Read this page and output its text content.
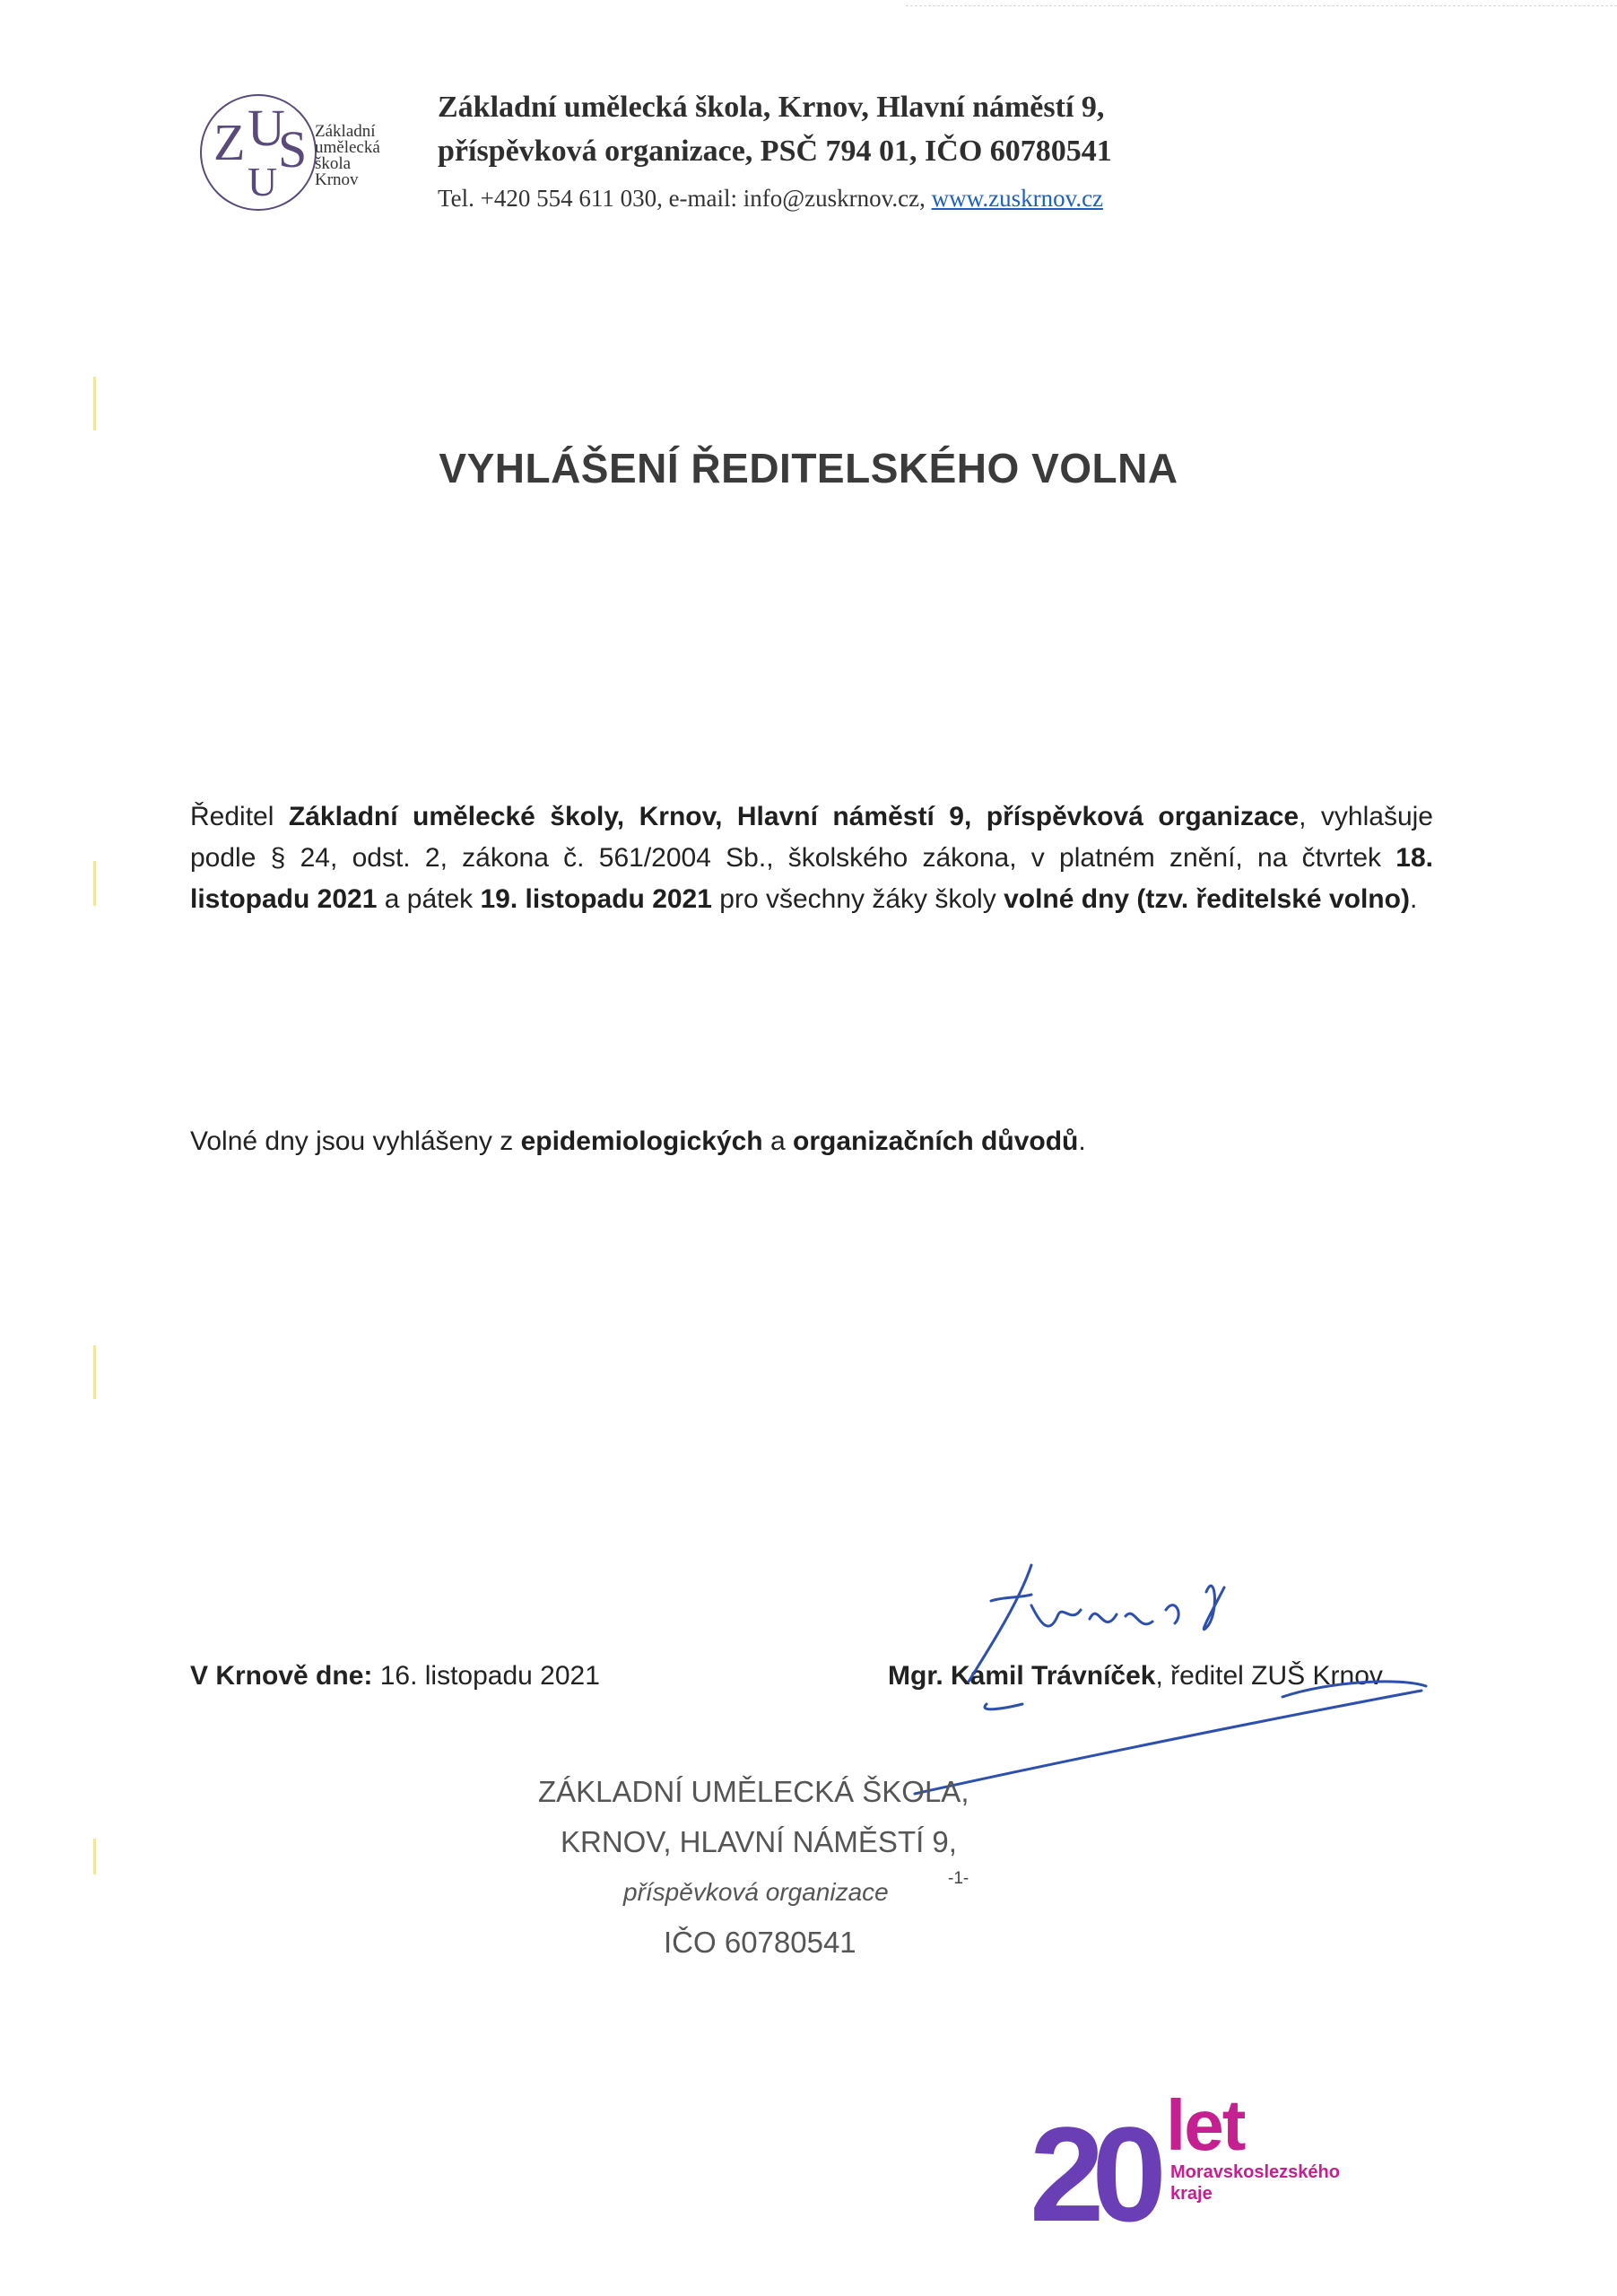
Z U
S
U
Základní
umělecká
škola
Krnov
Základní umělecká škola, Krnov, Hlavní náměstí 9,
příspěvková organizace, PSČ 794 01, IČO 60780541
Tel. +420 554 611 030, e-mail: info@zuskrnov.cz, www.zuskrnov.cz
VYHLÁŠENÍ ŘEDITELSKÉHO VOLNA
Ředitel Základní umělecké školy, Krnov, Hlavní náměstí 9, příspěvková organizace, vyhlašuje podle § 24, odst. 2, zákona č. 561/2004 Sb., školského zákona, v platném znění, na čtvrtek 18. listopadu 2021 a pátek 19. listopadu 2021 pro všechny žáky školy volné dny (tzv. ředitelské volno).
Volné dny jsou vyhlášeny z epidemiologických a organizačních důvodů.
V Krnově dne: 16. listopadu 2021	Mgr. Kamil Trávníček, ředitel ZUŠ Krnov
ZÁKLADNÍ UMĚLECKÁ ŠKOLA,
KRNOV, HLAVNÍ NÁMĚSTÍ 9,
příspěvková organizace
IČO 60780541
-1-
20 let
Moravskoslezského
kraje
